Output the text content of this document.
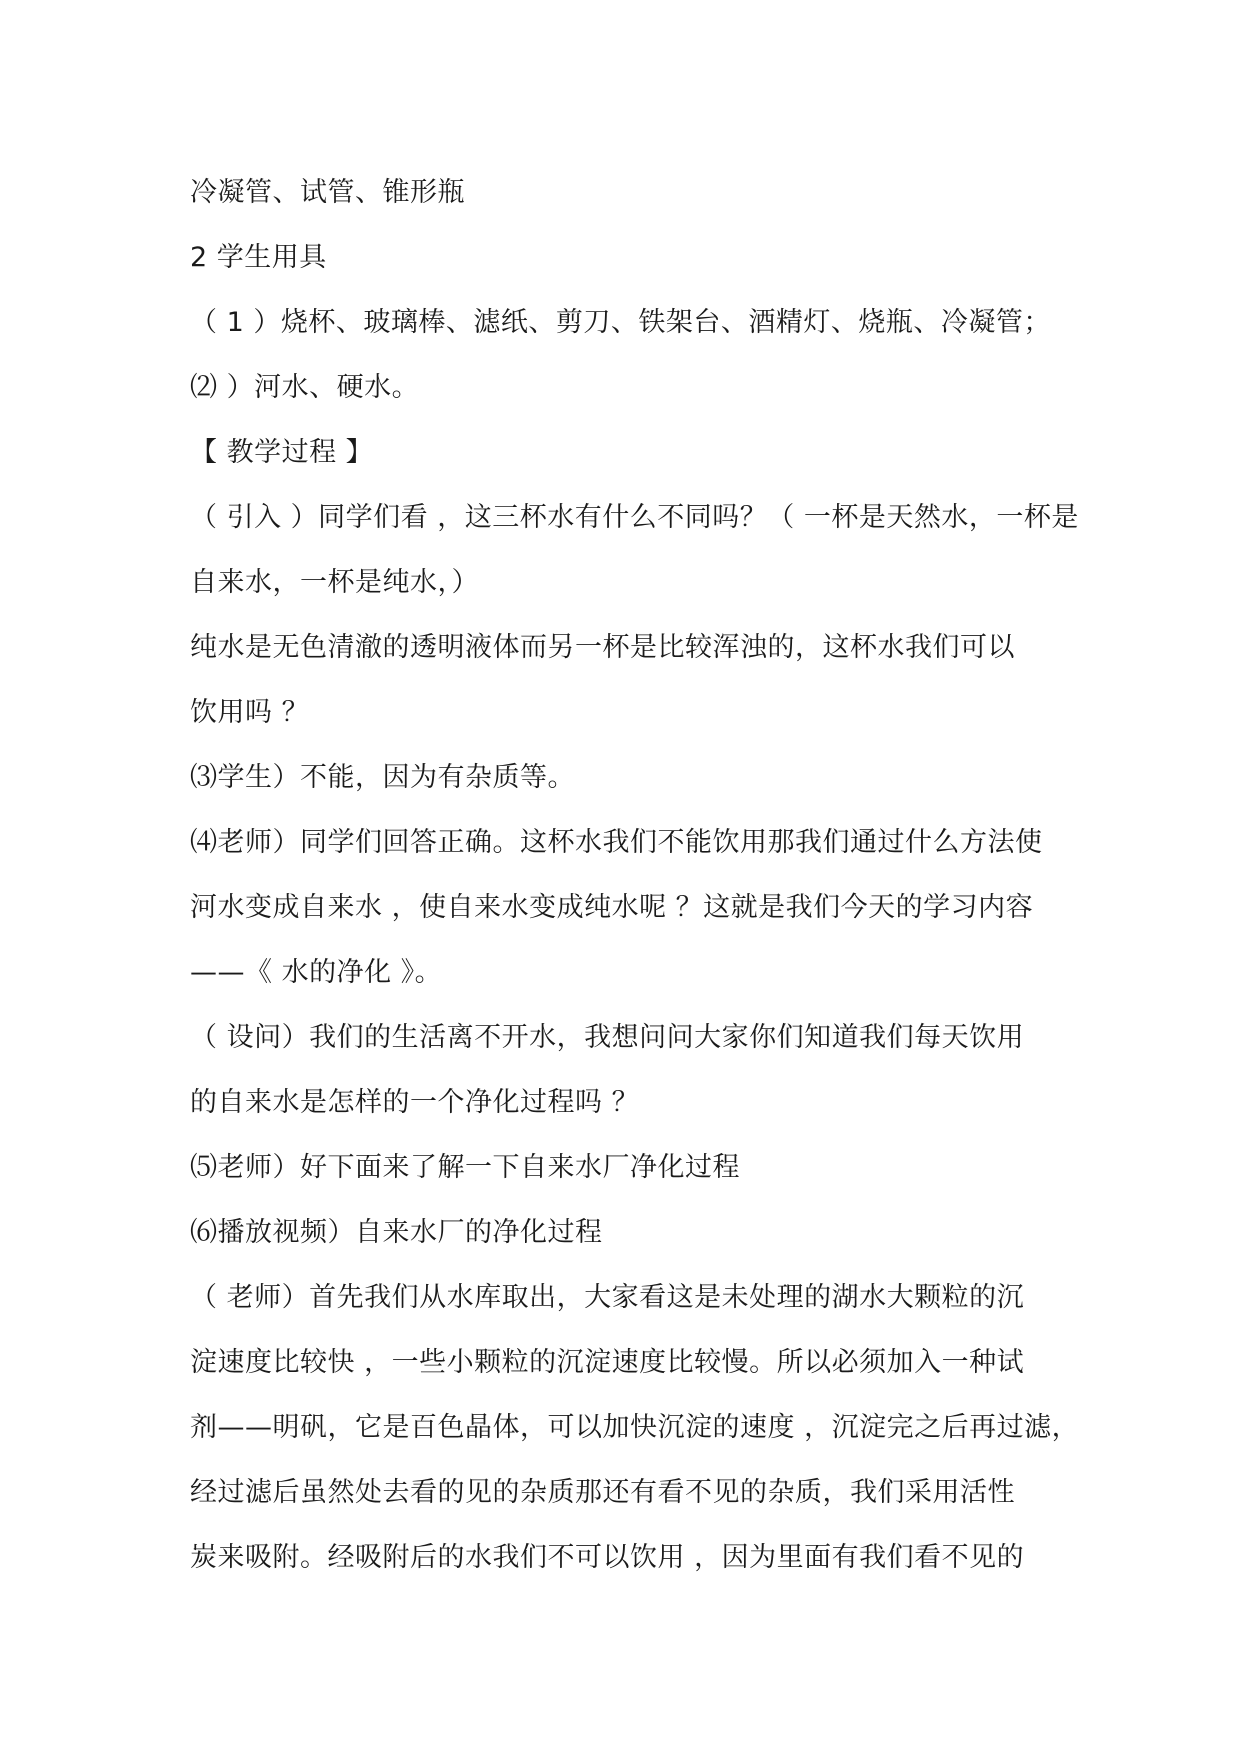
冷凝管、试管、锥形瓶
2 学生用具
（ 1 ）烧杯、玻璃棒、滤纸、剪刀、铁架台、酒精灯、烧瓶、冷凝管；
⑵ ）河水、硬水。
【 教学过程 】
（ 引入 ）同学们看 ，这三杯水有什么不同吗？（ 一杯是天然水，一杯是
自来水，一杯是纯水，）
纯水是无色清澈的透明液体而另一杯是比较浑浊的，这杯水我们可以
饮用吗 ？
⑶学生）不能，因为有杂质等。
⑷老师）同学们回答正确。这杯水我们不能饮用那我们通过什么方法使
河水变成自来水 ，使自来水变成纯水呢 ？这就是我们今天的学习内容
——《 水的净化 》。
（ 设问）我们的生活离不开水，我想问问大家你们知道我们每天饮用
的自来水是怎样的一个净化过程吗 ？
⑸老师）好下面来了解一下自来水厂净化过程
⑹播放视频）自来水厂的净化过程
（ 老师）首先我们从水库取出，大家看这是未处理的湖水大颗粒的沉
淀速度比较快 ，一些小颗粒的沉淀速度比较慢。所以必须加入一种试
剂——明矾，它是百色晶体，可以加快沉淀的速度 ，沉淀完之后再过滤，
经过滤后虽然处去看的见的杂质那还有看不见的杂质，我们采用活性
炭来吸附。经吸附后的水我们不可以饮用 ，因为里面有我们看不见的
